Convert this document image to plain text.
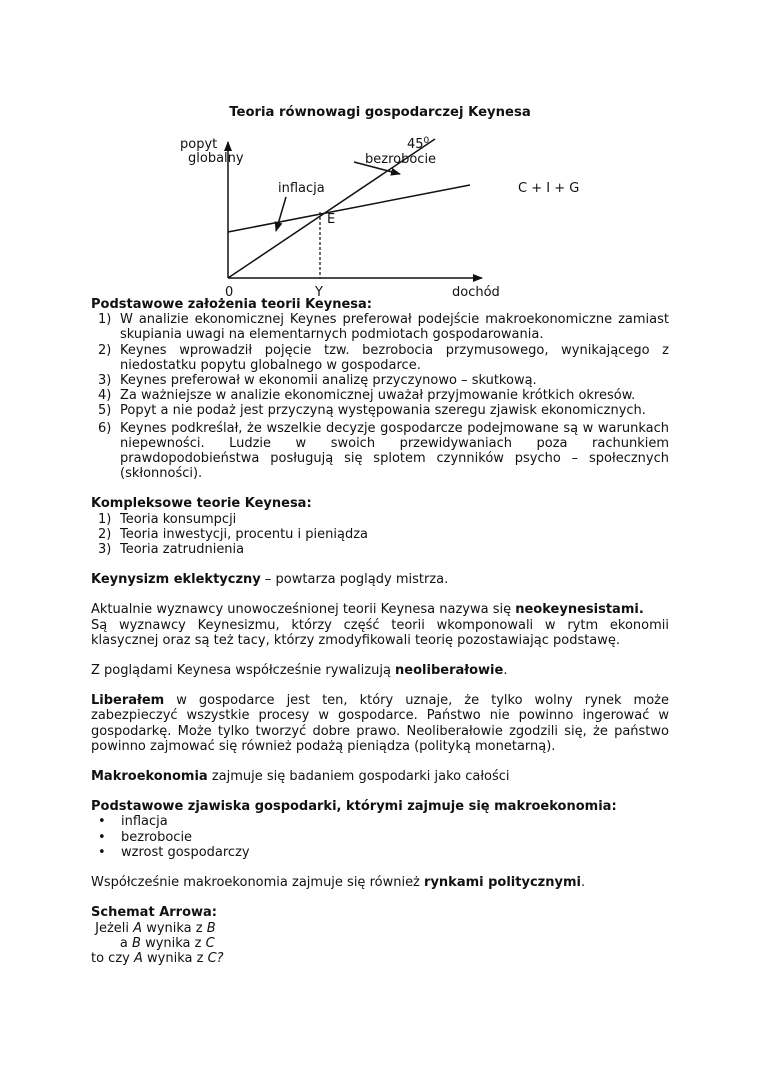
Teoria równowagi gospodarczej Keynesa
popyt
globalny
dochód
0	Y
E
$45^0$
bezrobocie
inflacja	C + I + G
Podstawowe założenia teorii Keynesa:
1) W analizie ekonomicznej Keynes preferował podejście makroekonomiczne zamiast skupiania uwagi na elementarnych podmiotach gospodarowania.
2) Keynes wprowadził pojęcie tzw. bezrobocia przymusowego, wynikającego z niedostatku popytu globalnego w gospodarce.
3) Keynes preferował w ekonomii analizę przyczynowo – skutkową.
4) Za ważniejsze w analizie ekonomicznej uważał przyjmowanie krótkich okresów.
5) Popyt a nie podaż jest przyczyną występowania szeregu zjawisk ekonomicznych.
6) Keynes podkreślał, że wszelkie decyzje gospodarcze podejmowane są w warunkach niepewności. Ludzie w swoich przewidywaniach poza rachunkiem prawdopodobieństwa posługują się splotem czynników psycho – społecznych (skłonności).
Kompleksowe teorie Keynesa:
1) Teoria konsumpcji
2) Teoria inwestycji, procentu i pieniądza
3) Teoria zatrudnienia
Keynysizm eklektyczny – powtarza poglądy mistrza.
Aktualnie wyznawcy unowocześnionej teorii Keynesa nazywa się neokeynesistami.
Są wyznawcy Keynesizmu, którzy część teorii wkomponowali w rytm ekonomii klasycznej oraz są też tacy, którzy zmodyfikowali teorię pozostawiając podstawę.
Z poglądami Keynesa współcześnie rywalizują neoliberałowie.
Liberałem w gospodarce jest ten, który uznaje, że tylko wolny rynek może zabezpieczyć wszystkie procesy w gospodarce. Państwo nie powinno ingerować w gospodarkę. Może tylko tworzyć dobre prawo. Neoliberałowie zgodzili się, że państwo powinno zajmować się również podażą pieniądza (polityką monetarną).
Makroekonomia zajmuje się badaniem gospodarki jako całości
Podstawowe zjawiska gospodarki, którymi zajmuje się makroekonomia:
• inflacja
• bezrobocie
• wzrost gospodarczy
Współcześnie makroekonomia zajmuje się również rynkami politycznymi.
Schemat Arrowa:
Jeżeli A wynika z B
a B wynika z C
to czy A wynika z C?
